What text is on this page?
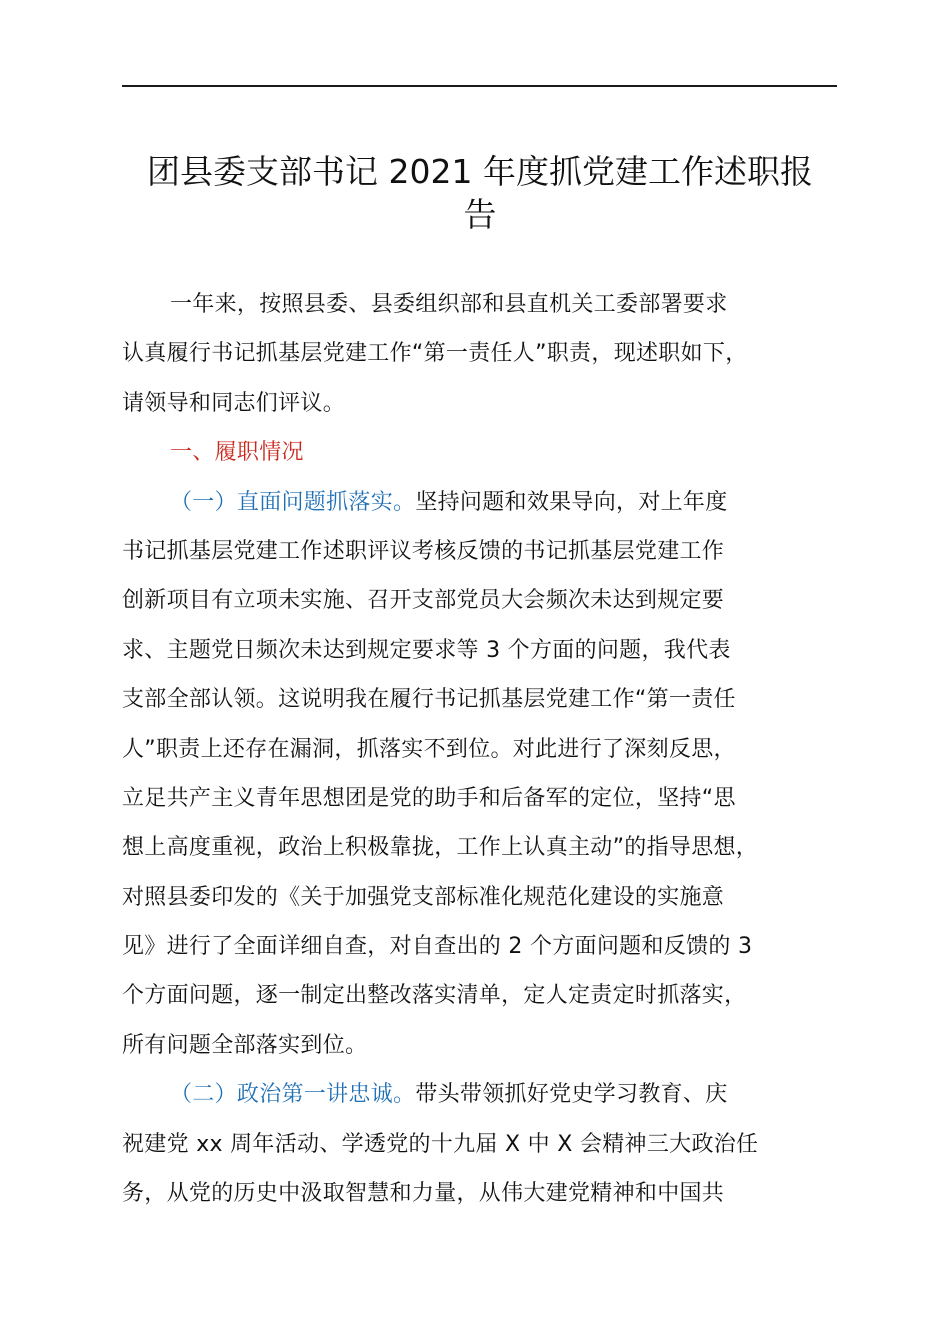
团县委支部书记 2021 年度抓党建工作述职报
告
一年来，按照县委、县委组织部和县直机关工委部署要求
认真履行书记抓基层党建工作“第一责任人”职责，现述职如下，
请领导和同志们评议。
一、履职情况
（一）直面问题抓落实。坚持问题和效果导向，对上年度
书记抓基层党建工作述职评议考核反馈的书记抓基层党建工作
创新项目有立项未实施、召开支部党员大会频次未达到规定要
求、主题党日频次未达到规定要求等 3 个方面的问题，我代表
支部全部认领。这说明我在履行书记抓基层党建工作“第一责任
人”职责上还存在漏洞，抓落实不到位。对此进行了深刻反思，
立足共产主义青年思想团是党的助手和后备军的定位，坚持“思
想上高度重视，政治上积极靠拢，工作上认真主动”的指导思想，
对照县委印发的《关于加强党支部标准化规范化建设的实施意
见》进行了全面详细自查，对自查出的 2 个方面问题和反馈的 3
个方面问题，逐一制定出整改落实清单，定人定责定时抓落实，
所有问题全部落实到位。
（二）政治第一讲忠诚。带头带领抓好党史学习教育、庆
祝建党 xx 周年活动、学透党的十九届 X 中 X 会精神三大政治任
务，从党的历史中汲取智慧和力量，从伟大建党精神和中国共
